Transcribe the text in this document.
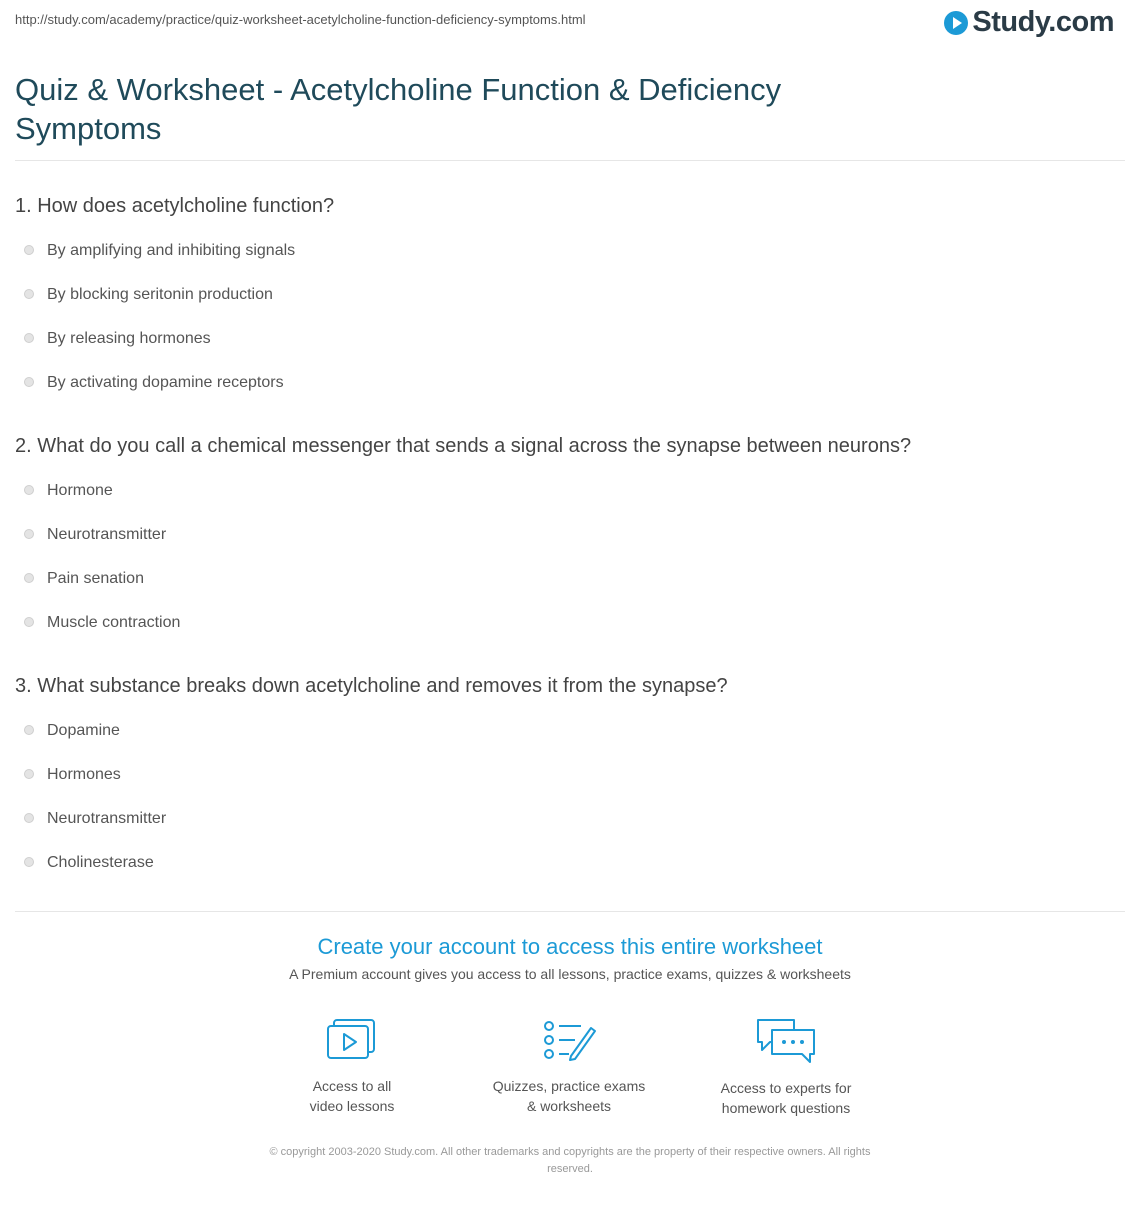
http://study.com/academy/practice/quiz-worksheet-acetylcholine-function-deficiency-symptoms.html	Study.com
Quiz & Worksheet - Acetylcholine Function & Deficiency Symptoms
1. How does acetylcholine function?
By amplifying and inhibiting signals
By blocking seritonin production
By releasing hormones
By activating dopamine receptors
2. What do you call a chemical messenger that sends a signal across the synapse between neurons?
Hormone
Neurotransmitter
Pain senation
Muscle contraction
3. What substance breaks down acetylcholine and removes it from the synapse?
Dopamine
Hormones
Neurotransmitter
Cholinesterase
Create your account to access this entire worksheet
A Premium account gives you access to all lessons, practice exams, quizzes & worksheets
Access to all
video lessons
Quizzes, practice exams
& worksheets
Access to experts for
homework questions
© copyright 2003-2020 Study.com. All other trademarks and copyrights are the property of their respective owners. All rights
reserved.
